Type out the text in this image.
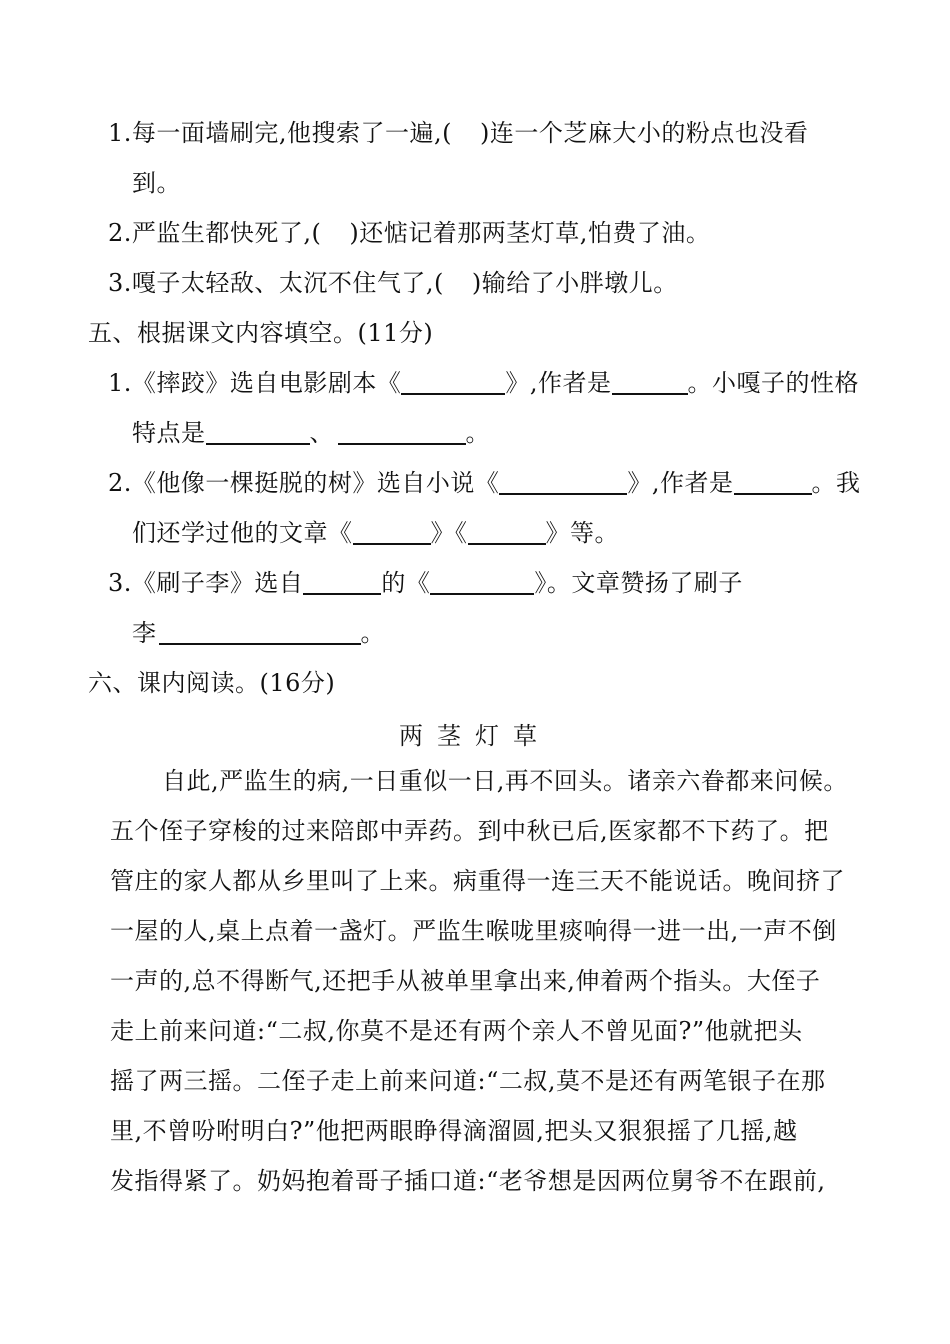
1.每一面墙刷完,他搜索了一遍,( )连一个芝麻大小的粉点也没看
到。
2.严监生都快死了,( )还惦记着那两茎灯草,怕费了油。
3.嘎子太轻敌、太沉不住气了,( )输给了小胖墩儿。
五、根据课文内容填空。(11分)
1.《摔跤》选自电影剧本《	》,作者是	。小嘎子的性格
特点是	、	。
2.《他像一棵挺脱的树》选自小说《	》,作者是	。我
们还学过他的文章《	》《	》等。
3.《刷子李》选自	的《	》。文章赞扬了刷子
李	。
六、课内阅读。(16分)
两茎灯草
自此,严监生的病,一日重似一日,再不回头。诸亲六眷都来问候。
五个侄子穿梭的过来陪郎中弄药。到中秋已后,医家都不下药了。把
管庄的家人都从乡里叫了上来。病重得一连三天不能说话。晚间挤了
一屋的人,桌上点着一盏灯。严监生喉咙里痰响得一进一出,一声不倒
一声的,总不得断气,还把手从被单里拿出来,伸着两个指头。大侄子
走上前来问道:“二叔,你莫不是还有两个亲人不曾见面?”他就把头
摇了两三摇。二侄子走上前来问道:“二叔,莫不是还有两笔银子在那
里,不曾吩咐明白?”他把两眼睁得滴溜圆,把头又狠狠摇了几摇,越
发指得紧了。奶妈抱着哥子插口道:“老爷想是因两位舅爷不在跟前,
